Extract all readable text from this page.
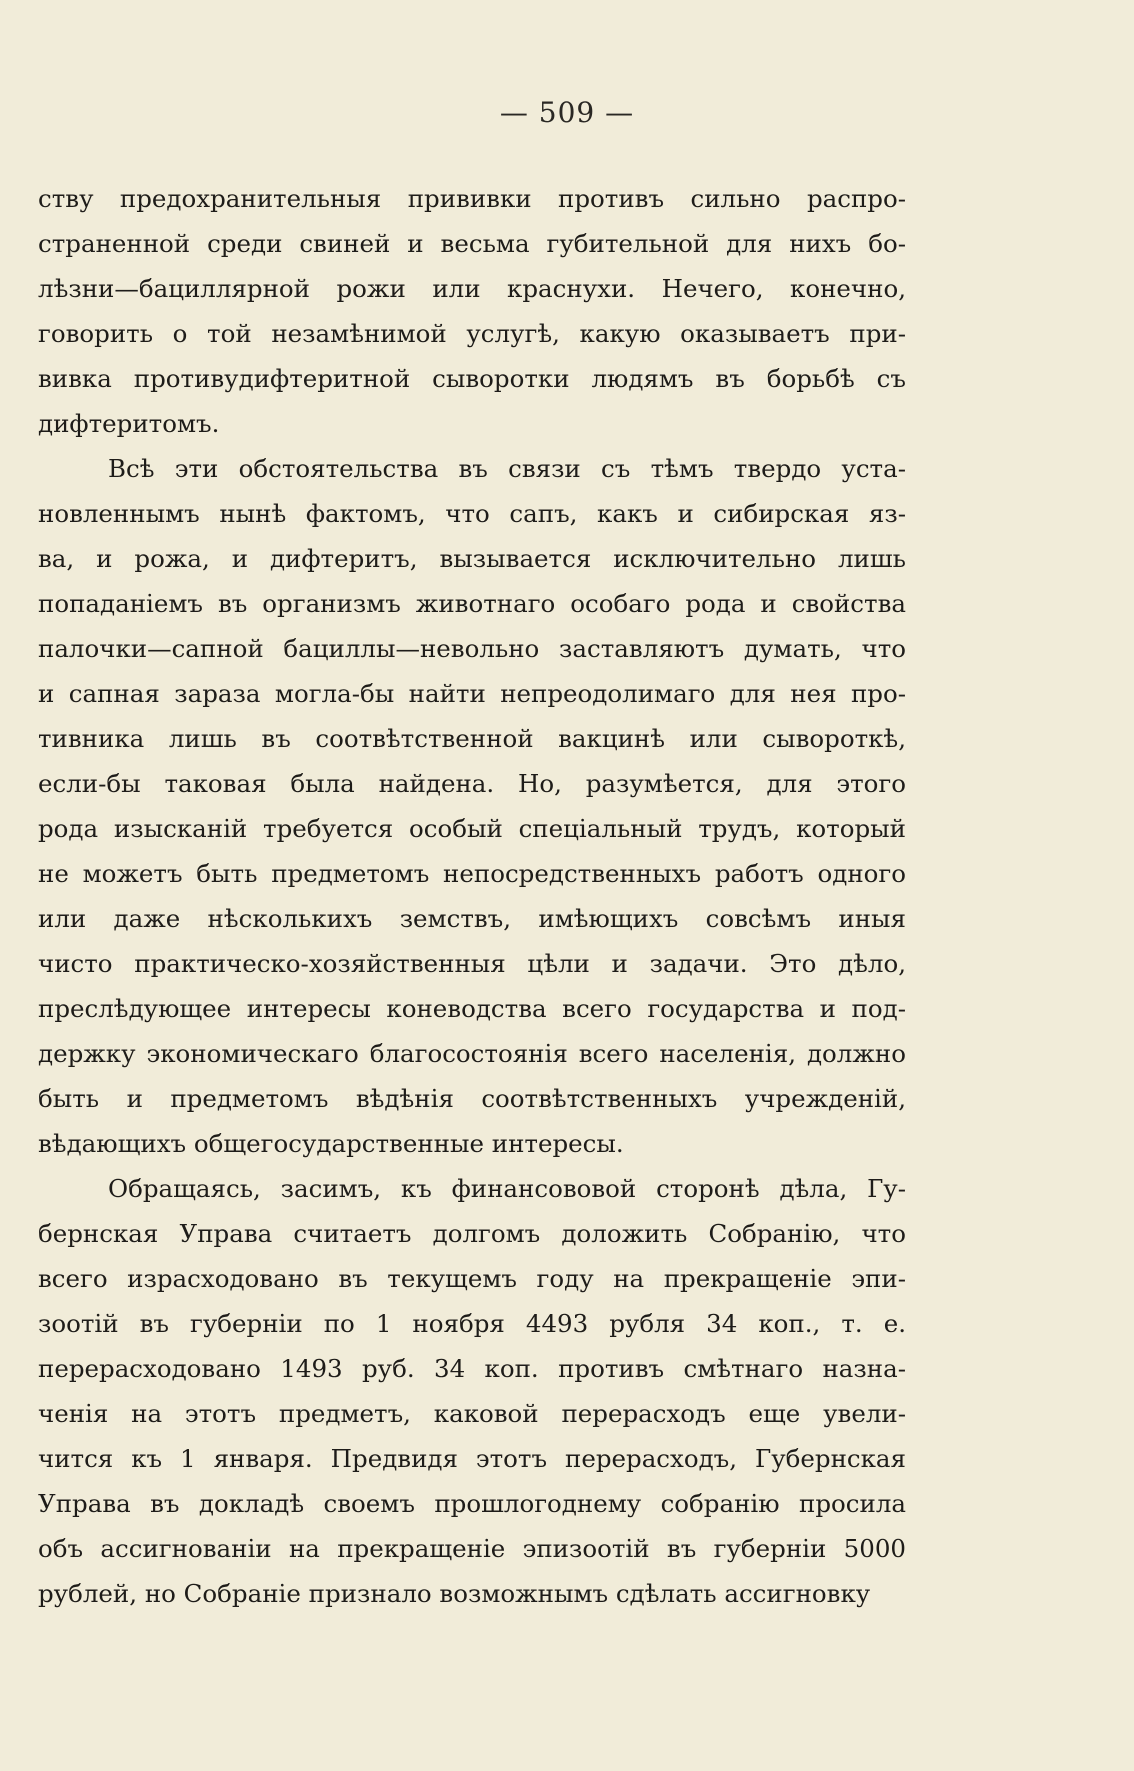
— 509 —
ству предохранительныя прививки противъ сильно распро-
страненной среди свиней и весьма губительной для нихъ бо-
лѣзни—бациллярной рожи или краснухи. Нечего, конечно,
говорить о той незамѣнимой услугѣ, какую оказываетъ при-
вивка противудифтеритной сыворотки людямъ въ борьбѣ съ
дифтеритомъ.
Всѣ эти обстоятельства въ связи съ тѣмъ твердо уста-
новленнымъ нынѣ фактомъ, что сапъ, какъ и сибирская яз-
ва, и рожа, и дифтеритъ, вызывается исключительно лишь
попаданіемъ въ организмъ животнаго особаго рода и свойства
палочки—сапной бациллы—невольно заставляютъ думать, что
и сапная зараза могла-бы найти непреодолимаго для нея про-
тивника лишь въ соотвѣтственной вакцинѣ или сывороткѣ,
если-бы таковая была найдена. Но, разумѣется, для этого
рода изысканій требуется особый спеціальный трудъ, который
не можетъ быть предметомъ непосредственныхъ работъ одного
или даже нѣсколькихъ земствъ, имѣющихъ совсѣмъ иныя
чисто практическо-хозяйственныя цѣли и задачи. Это дѣло,
преслѣдующее интересы коневодства всего государства и под-
держку экономическаго благосостоянія всего населенія, должно
быть и предметомъ вѣдѣнія соотвѣтственныхъ учрежденій,
вѣдающихъ общегосударственные интересы.
Обращаясь, засимъ, къ финансововой сторонѣ дѣла, Гу-
бернская Управа считаетъ долгомъ доложить Собранію, что
всего израсходовано въ текущемъ году на прекращеніе эпи-
зоотій въ губерніи по 1 ноября 4493 рубля 34 коп., т. е.
перерасходовано 1493 руб. 34 коп. противъ смѣтнаго назна-
ченія на этотъ предметъ, каковой перерасходъ еще увели-
чится къ 1 января. Предвидя этотъ перерасходъ, Губернская
Управа въ докладѣ своемъ прошлогоднему собранію просила
объ ассигнованіи на прекращеніе эпизоотій въ губерніи 5000
рублей, но Собраніе признало возможнымъ сдѣлать ассигновку
